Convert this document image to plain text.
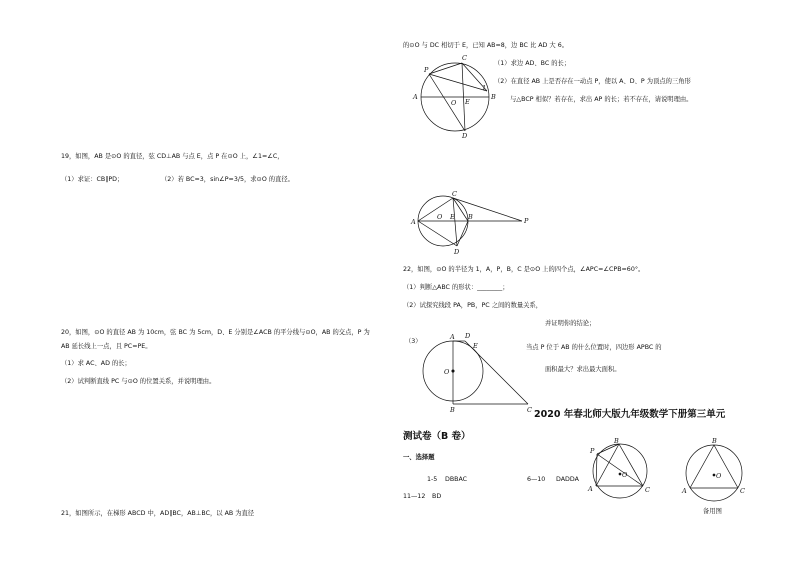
19，如图，AB 是⊙O 的直径，弦 CD⊥AB 与点 E，点 P 在⊙O 上，∠1=∠C，
（1）求证：CB∥PD；	（2）若 BC=3，sin∠P=3/5，求⊙O 的直径。
20，如图，⊙O 的直径 AB 为 10cm，弦 BC 为 5cm，D、E 分别是∠ACB 的平分线与⊙O，AB 的交点，P 为
AB 延长线上一点，且 PC=PE。
（1）求 AC、AD 的长；
（2）试判断直线 PC 与⊙O 的位置关系，并说明理由。
21，如图所示，在梯形 ABCD 中，AD∥BC，AB⊥BC，以 AB 为直径
的⊙O 与 DC 相切于 E，已知 AB=8，边 BC 比 AD 大 6。
（1）求边 AD、BC 的长；
（2）在直径 AB 上是否存在一动点 P，使以 A、D、P 为顶点的三角形
与△BCP 相似？若存在，求出 AP 的长；若不存在，请说明理由。
22，如图，⊙O 的半径为 1，A，P，B，C 是⊙O 上的四个点，∠APC=∠CPB=60°。
（1）判断△ABC 的形状：________；
（2）试探究线段 PA，PB，PC 之间的数量关系，
并证明你的结论；
（3）
当点 P 位于 AB 的什么位置时，四边形 APBC 的
面积最大？求出最大面积。
2020 年春北师大版九年级数学下册第三单元
测试卷（B 卷）
一、选择题
1-5 DBBAC	6—10 DADDA
11—12 BD
备用图
C
P
1
A
O E
B
D
C
A
O E B	P
D
A D
E
O
B	C
B
P
A
O
C
O
B
A	C
